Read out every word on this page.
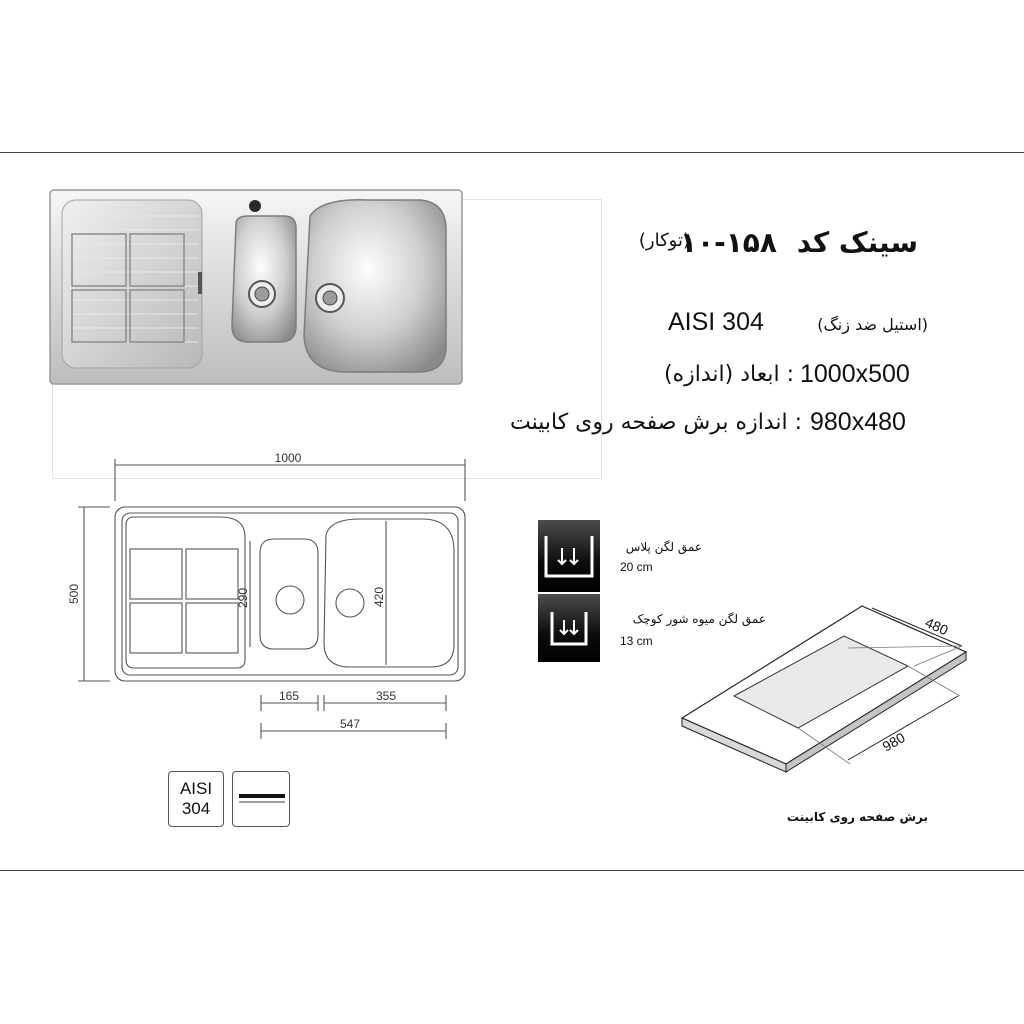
سینک کد ۱۵۸-۱۰
(توکار)
AISI 304	(استیل ضد زنگ)
1000x500
: ابعاد (اندازه)
980x480
: اندازه برش صفحه روی کابینت
1000
500	290	420
165	355
547
عمق لگن پلاس
20 cm
عمق لگن میوه شور کوچک
13 cm
480
980
برش صفحه روی کابینت
AISI
304
